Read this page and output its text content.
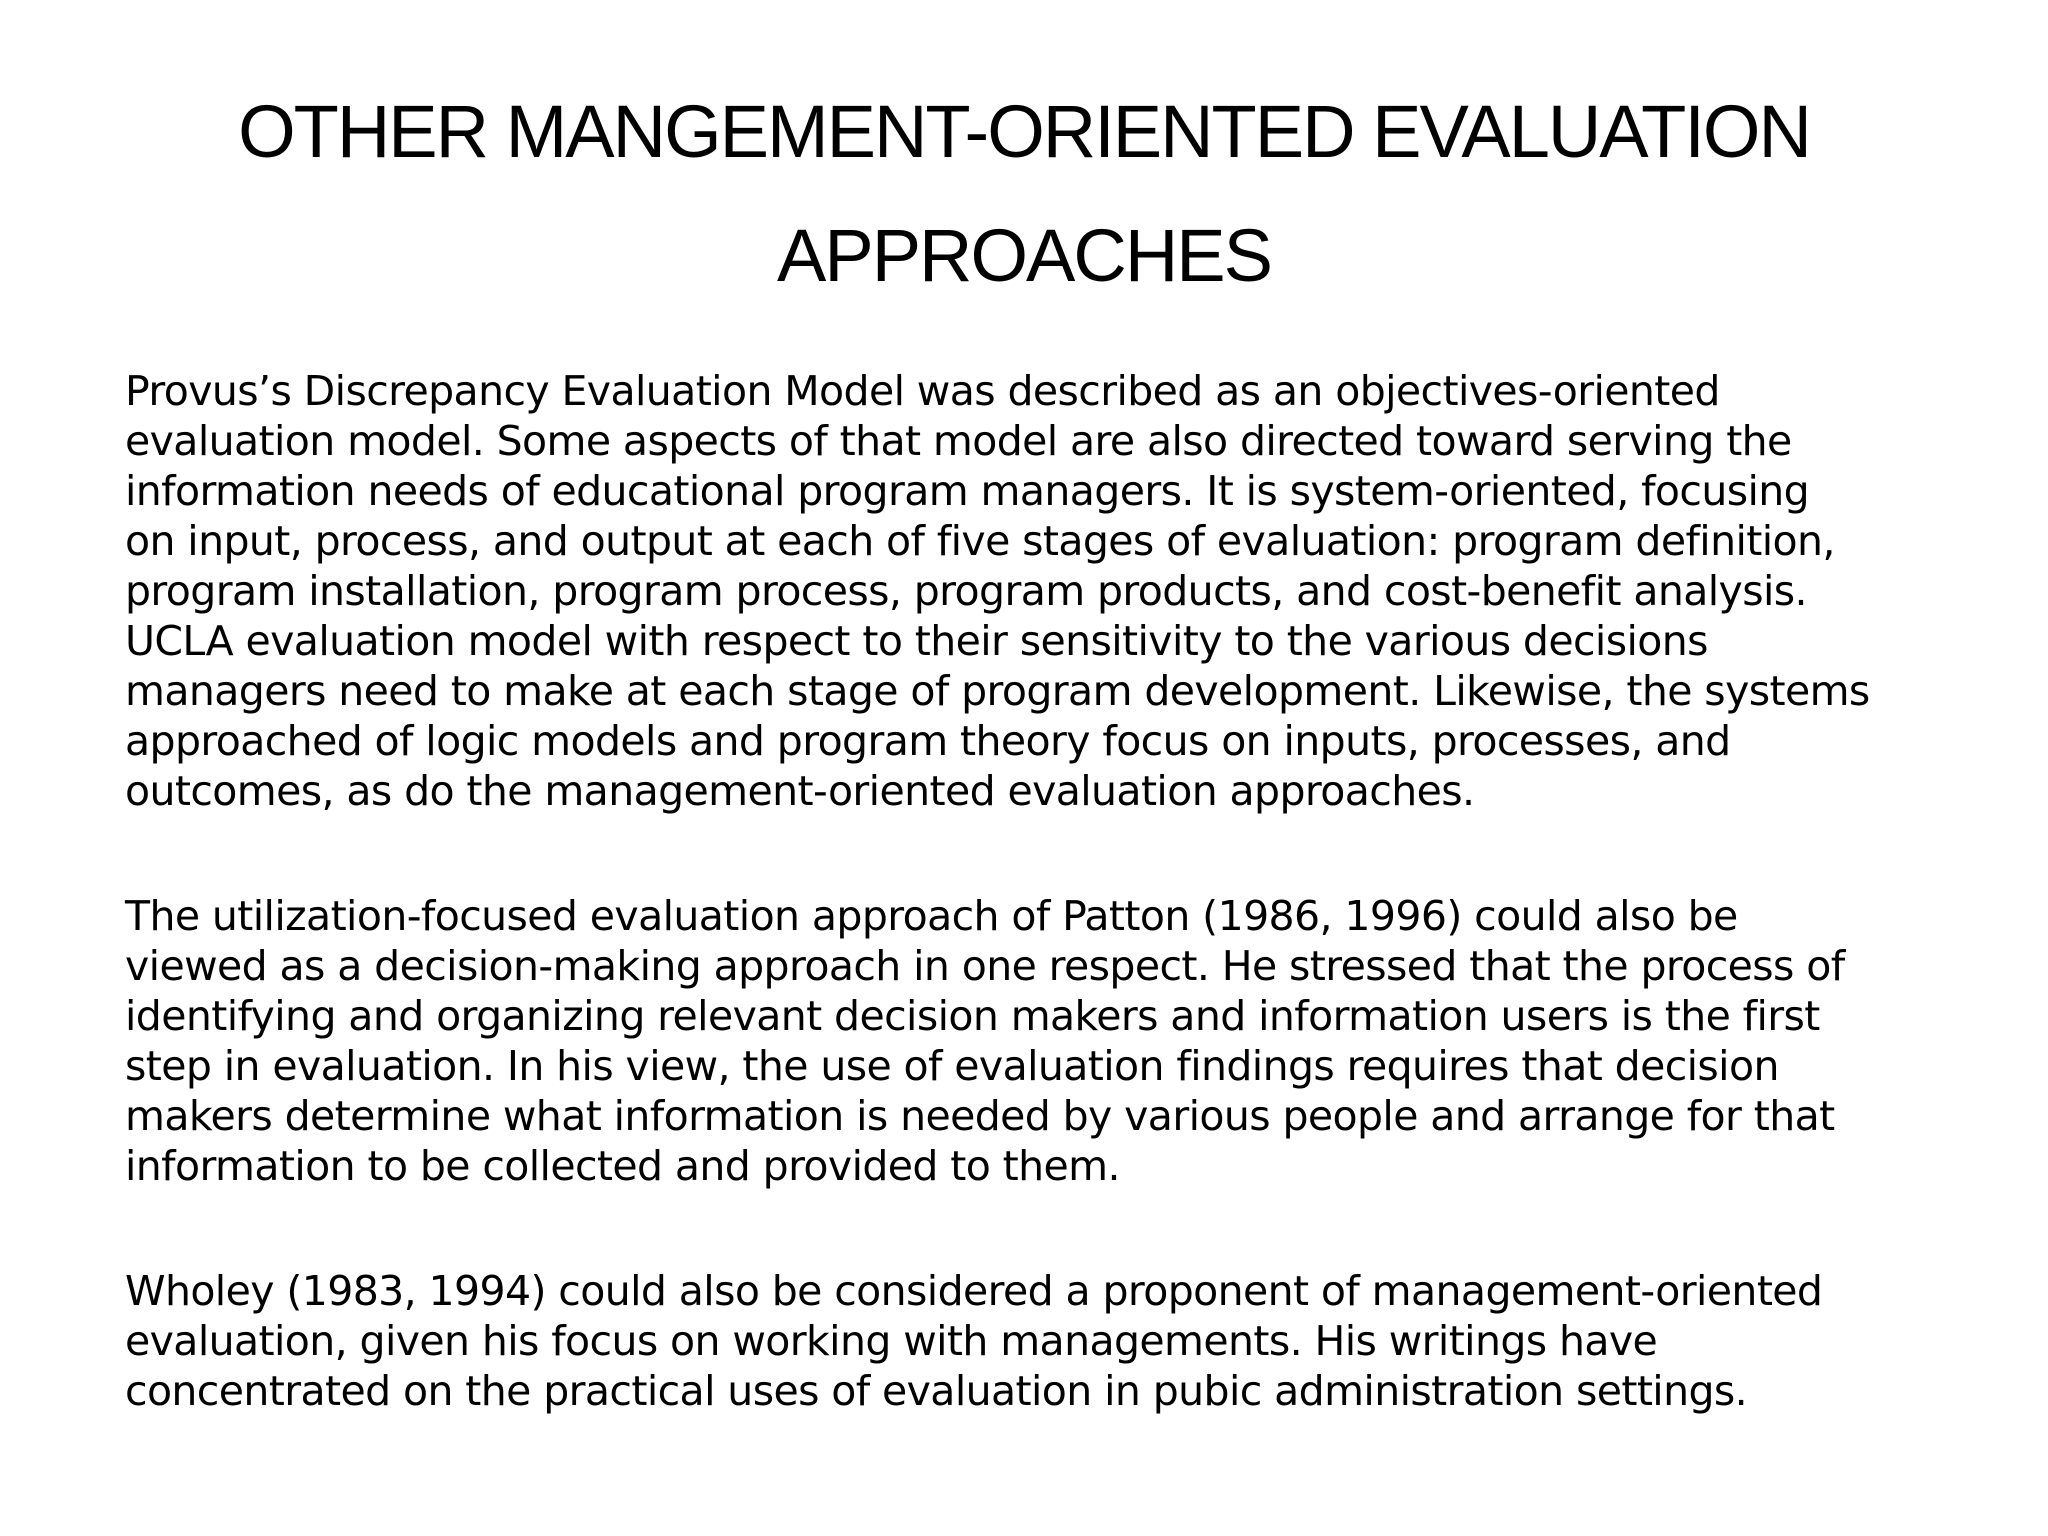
OTHER MANGEMENT-ORIENTED EVALUATION
APPROACHES

Provus’s Discrepancy Evaluation Model was described as an objectives-oriented
evaluation model. Some aspects of that model are also directed toward serving the
information needs of educational program managers. It is system-oriented, focusing
on input, process, and output at each of five stages of evaluation: program definition,
program installation, program process, program products, and cost-benefit analysis.
UCLA evaluation model with respect to their sensitivity to the various decisions
managers need to make at each stage of program development. Likewise, the systems
approached of logic models and program theory focus on inputs, processes, and
outcomes, as do the management-oriented evaluation approaches.

The utilization-focused evaluation approach of Patton (1986, 1996) could also be
viewed as a decision-making approach in one respect. He stressed that the process of
identifying and organizing relevant decision makers and information users is the first
step in evaluation. In his view, the use of evaluation findings requires that decision
makers determine what information is needed by various people and arrange for that
information to be collected and provided to them.

Wholey (1983, 1994) could also be considered a proponent of management-oriented
evaluation, given his focus on working with managements. His writings have
concentrated on the practical uses of evaluation in pubic administration settings.
